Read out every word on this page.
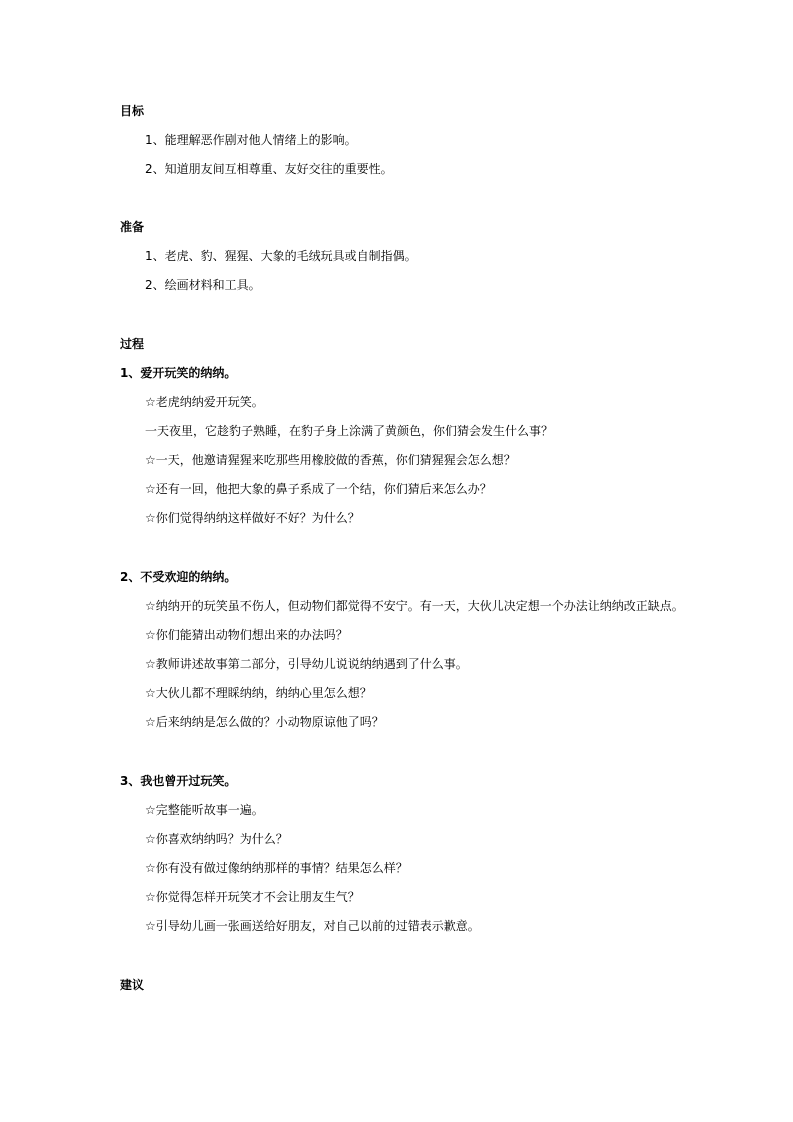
目标
1、能理解恶作剧对他人情绪上的影响。
2、知道朋友间互相尊重、友好交往的重要性。
准备
1、老虎、豹、猩猩、大象的毛绒玩具或自制指偶。
2、绘画材料和工具。
过程
1、爱开玩笑的纳纳。
☆老虎纳纳爱开玩笑。
一天夜里，它趁豹子熟睡，在豹子身上涂满了黄颜色，你们猜会发生什么事？
☆一天，他邀请猩猩来吃那些用橡胶做的香蕉，你们猜猩猩会怎么想？
☆还有一回，他把大象的鼻子系成了一个结，你们猜后来怎么办？
☆你们觉得纳纳这样做好不好？为什么？
2、不受欢迎的纳纳。
☆纳纳开的玩笑虽不伤人，但动物们都觉得不安宁。有一天，大伙儿决定想一个办法让纳纳改正缺点。
☆你们能猜出动物们想出来的办法吗？
☆教师讲述故事第二部分，引导幼儿说说纳纳遇到了什么事。
☆大伙儿都不理睬纳纳，纳纳心里怎么想？
☆后来纳纳是怎么做的？小动物原谅他了吗？
3、我也曾开过玩笑。
☆完整能听故事一遍。
☆你喜欢纳纳吗？为什么？
☆你有没有做过像纳纳那样的事情？结果怎么样？
☆你觉得怎样开玩笑才不会让朋友生气？
☆引导幼儿画一张画送给好朋友，对自己以前的过错表示歉意。
建议
